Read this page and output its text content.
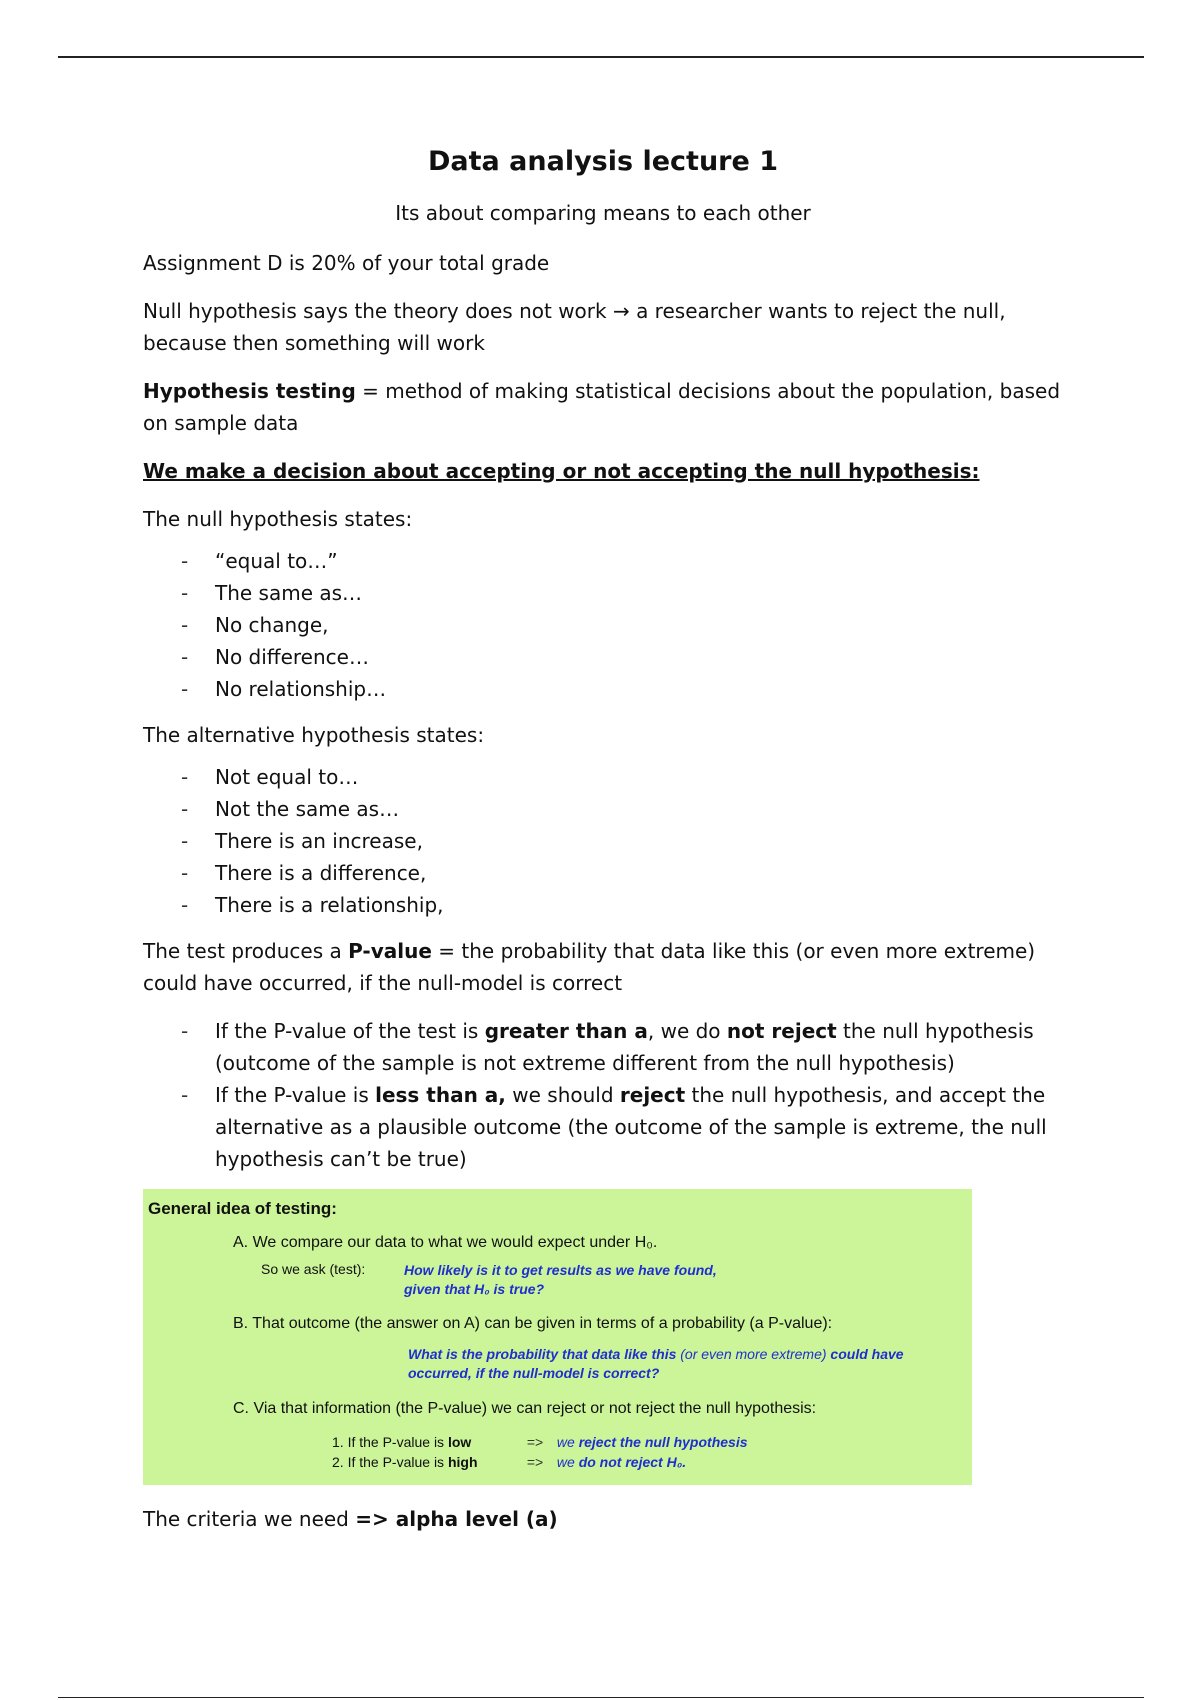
Data analysis lecture 1
Its about comparing means to each other

Assignment D is 20% of your total grade

Null hypothesis says the theory does not work → a researcher wants to reject the null, because then something will work

Hypothesis testing = method of making statistical decisions about the population, based on sample data

We make a decision about accepting or not accepting the null hypothesis:

The null hypothesis states:

- “equal to…”
- The same as…
- No change,
- No difference…
- No relationship…

The alternative hypothesis states:

- Not equal to…
- Not the same as…
- There is an increase,
- There is a difference,
- There is a relationship,

The test produces a P-value = the probability that data like this (or even more extreme) could have occurred, if the null-model is correct

- If the P-value of the test is greater than a, we do not reject the null hypothesis (outcome of the sample is not extreme different from the null hypothesis)
- If the P-value is less than a, we should reject the null hypothesis, and accept the alternative as a plausible outcome (the outcome of the sample is extreme, the null hypothesis can’t be true)
General idea of testing:
A. We compare our data to what we would expect under H₀.
So we ask (test):	How likely is it to get results as we have found,
given that H₀ is true?
B. That outcome (the answer on A) can be given in terms of a probability (a P-value):
What is the probability that data like this (or even more extreme) could have occurred, if the null-model is correct?
C. Via that information (the P-value) we can reject or not reject the null hypothesis:
1. If the P-value is low	=> we reject the null hypothesis
2. If the P-value is high	=> we do not reject H₀.

The criteria we need => alpha level (a)
